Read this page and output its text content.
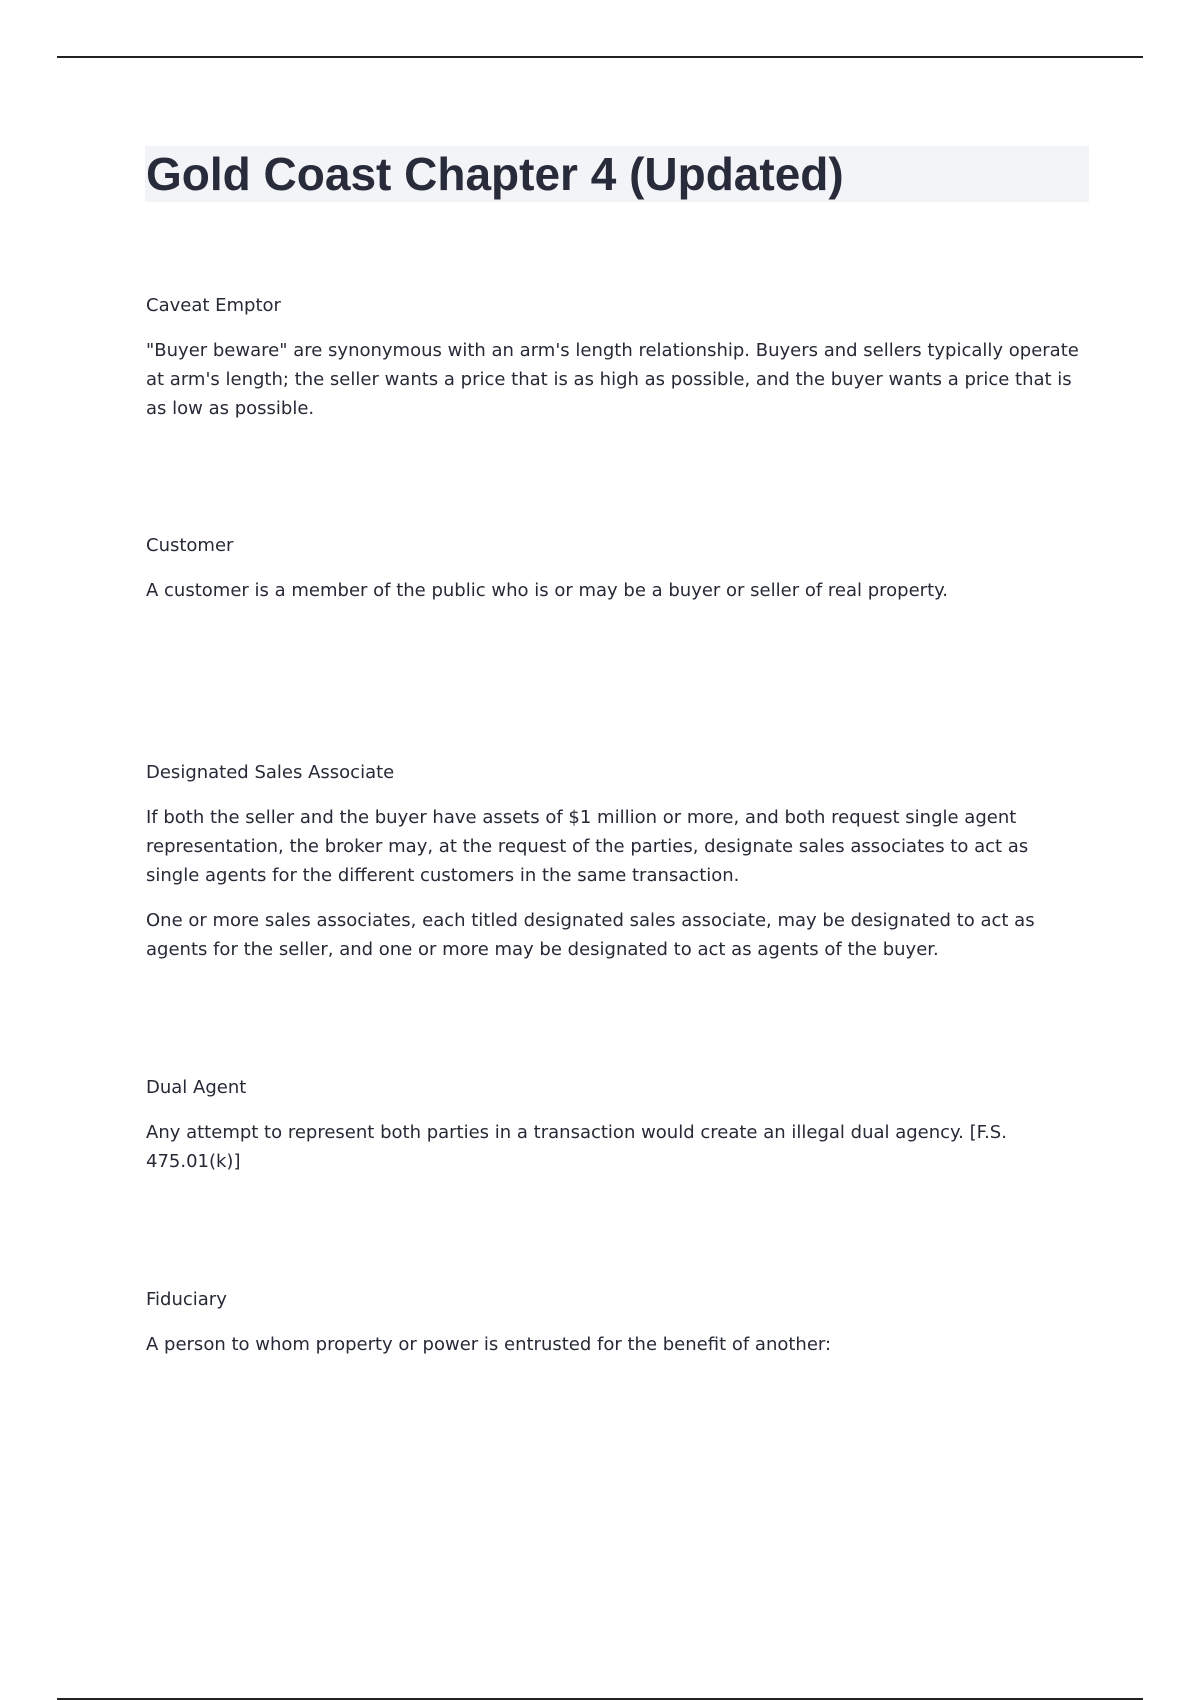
Gold Coast Chapter 4 (Updated)
Caveat Emptor

"Buyer beware" are synonymous with an arm's length relationship. Buyers and sellers typically operate at arm's length; the seller wants a price that is as high as possible, and the buyer wants a price that is as low as possible.

Customer

A customer is a member of the public who is or may be a buyer or seller of real property.

Designated Sales Associate

If both the seller and the buyer have assets of $1 million or more, and both request single agent representation, the broker may, at the request of the parties, designate sales associates to act as single agents for the different customers in the same transaction.

One or more sales associates, each titled designated sales associate, may be designated to act as agents for the seller, and one or more may be designated to act as agents of the buyer.

Dual Agent

Any attempt to represent both parties in a transaction would create an illegal dual agency. [F.S. 475.01(k)]

Fiduciary

A person to whom property or power is entrusted for the benefit of another:
